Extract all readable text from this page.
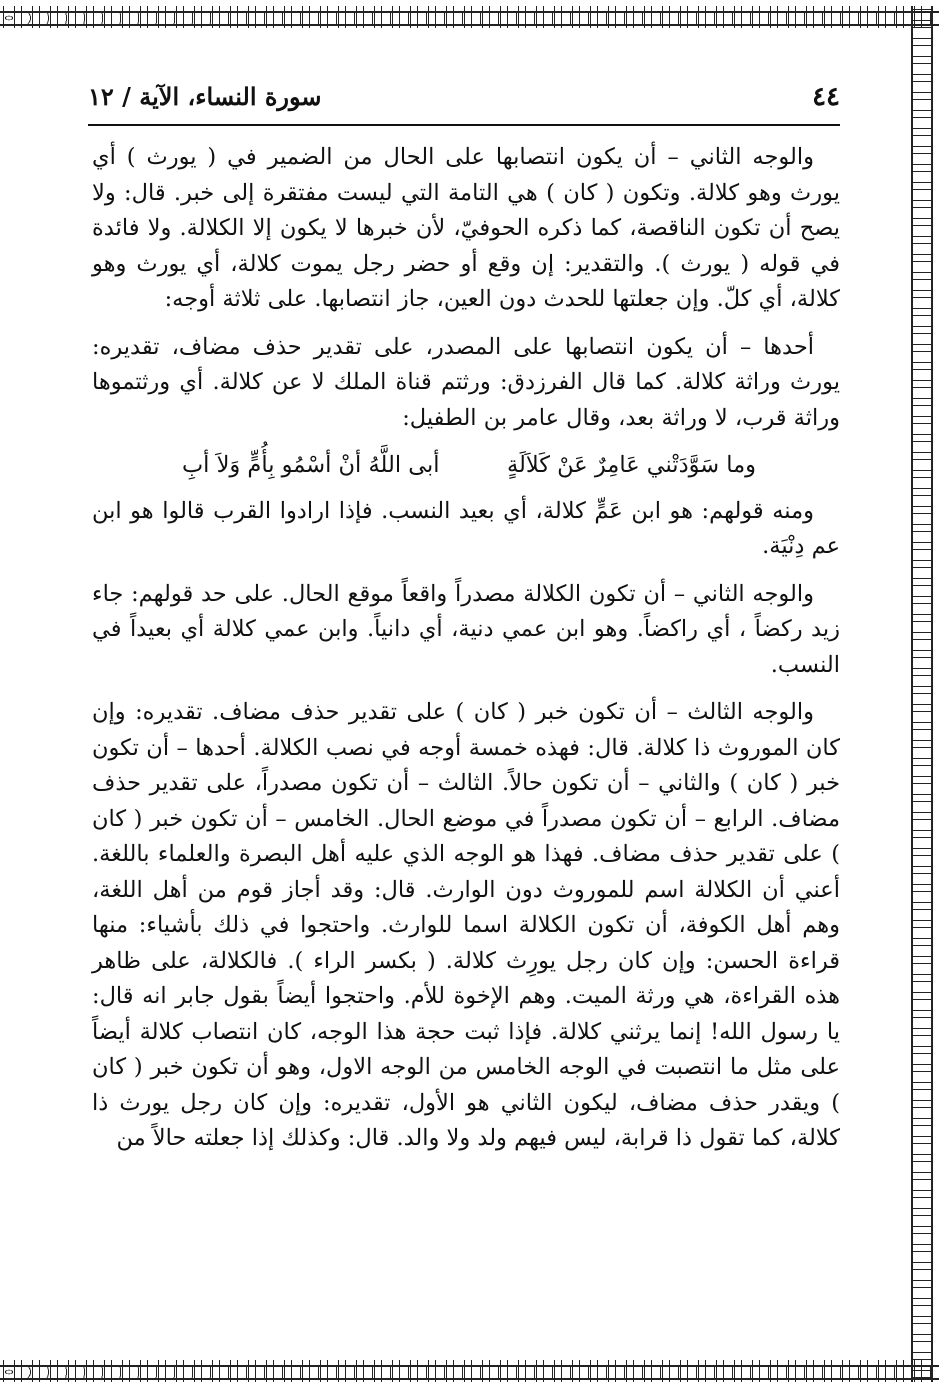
٤٤
سورة النساء، الآية / ١٢

والوجه الثاني – أن يكون انتصابها على الحال من الضمير في ( يورث ) أي يورث وهو كلالة. وتكون ( كان ) هي التامة التي ليست مفتقرة إلى خبر. قال: ولا يصح أن تكون الناقصة، كما ذكره الحوفيّ، لأن خبرها لا يكون إلا الكلالة. ولا فائدة في قوله ( يورث ). والتقدير: إن وقع أو حضر رجل يموت كلالة، أي يورث وهو كلالة، أي كلّ. وإن جعلتها للحدث دون العين، جاز انتصابها. على ثلاثة أوجه:

أحدها – أن يكون انتصابها على المصدر، على تقدير حذف مضاف، تقديره: يورث وراثة كلالة. كما قال الفرزدق: ورثتم قناة الملك لا عن كلالة. أي ورثتموها وراثة قرب، لا وراثة بعد، وقال عامر بن الطفيل:

وما سَوَّدَتْني عَامِرٌ عَنْ كَلاَلَةٍ
أبى اللَّهُ أنْ أسْمُو بِأُمٍّ وَلاَ أبِ

ومنه قولهم: هو ابن عَمٍّ كلالة، أي بعيد النسب. فإذا ارادوا القرب قالوا هو ابن عم دِنْيَة.

والوجه الثاني – أن تكون الكلالة مصدراً واقعاً موقع الحال. على حد قولهم: جاء زيد ركضاً ، أي راكضاً. وهو ابن عمي دنية، أي دانياً. وابن عمي كلالة أي بعيداً في النسب.

والوجه الثالث – أن تكون خبر ( كان ) على تقدير حذف مضاف. تقديره: وإن كان الموروث ذا كلالة. قال: فهذه خمسة أوجه في نصب الكلالة. أحدها – أن تكون خبر ( كان ) والثاني – أن تكون حالاً. الثالث – أن تكون مصدراً، على تقدير حذف مضاف. الرابع – أن تكون مصدراً في موضع الحال. الخامس – أن تكون خبر ( كان ) على تقدير حذف مضاف. فهذا هو الوجه الذي عليه أهل البصرة والعلماء باللغة. أعني أن الكلالة اسم للموروث دون الوارث. قال: وقد أجاز قوم من أهل اللغة، وهم أهل الكوفة، أن تكون الكلالة اسما للوارث. واحتجوا في ذلك بأشياء: منها قراءة الحسن: وإن كان رجل يورِث كلالة. ( بكسر الراء ). فالكلالة، على ظاهر هذه القراءة، هي ورثة الميت. وهم الإخوة للأم. واحتجوا أيضاً بقول جابر انه قال: يا رسول الله! إنما يرثني كلالة. فإذا ثبت حجة هذا الوجه، كان انتصاب كلالة أيضاً على مثل ما انتصبت في الوجه الخامس من الوجه الاول، وهو أن تكون خبر ( كان ) ويقدر حذف مضاف، ليكون الثاني هو الأول، تقديره: وإن كان رجل يورث ذا كلالة، كما تقول ذا قرابة، ليس فيهم ولد ولا والد. قال: وكذلك إذا جعلته حالاً من
